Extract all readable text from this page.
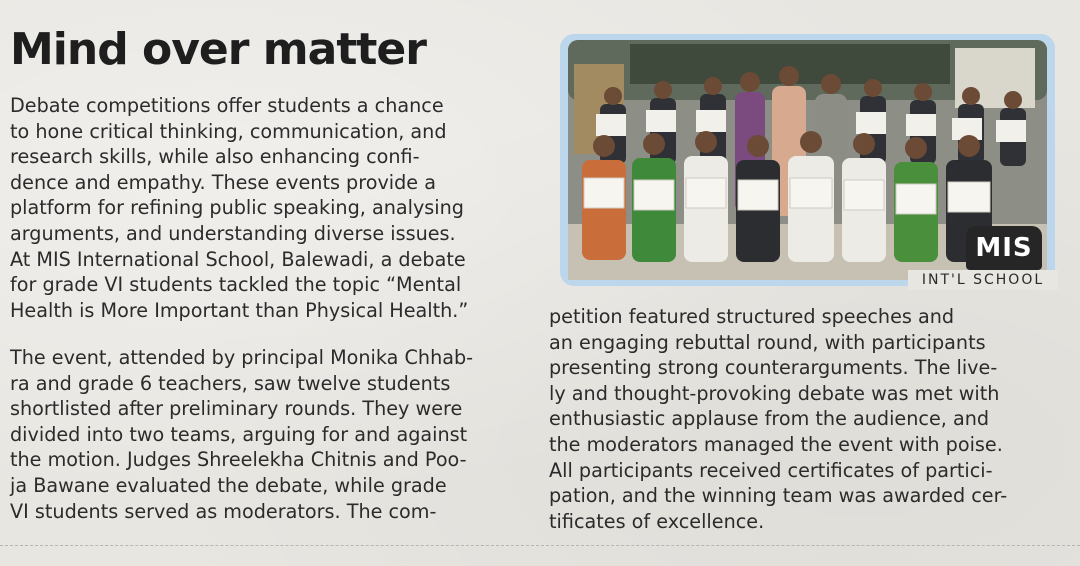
Mind over matter
Debate competitions offer students a chance
to hone critical thinking, communication, and
research skills, while also enhancing confi-
dence and empathy. These events provide a
platform for refining public speaking, analysing
arguments, and understanding diverse issues.
At MIS International School, Balewadi, a debate
for grade VI students tackled the topic “Mental
Health is More Important than Physical Health.”
The event, attended by principal Monika Chhab-
ra and grade 6 teachers, saw twelve students
shortlisted after preliminary rounds. They were
divided into two teams, arguing for and against
the motion. Judges Shreelekha Chitnis and Poo-
ja Bawane evaluated the debate, while grade
VI students served as moderators. The com-
MIS
INT'L SCHOOL
petition featured structured speeches and
an engaging rebuttal round, with participants
presenting strong counterarguments. The live-
ly and thought-provoking debate was met with
enthusiastic applause from the audience, and
the moderators managed the event with poise.
All participants received certificates of partici-
pation, and the winning team was awarded cer-
tificates of excellence.
